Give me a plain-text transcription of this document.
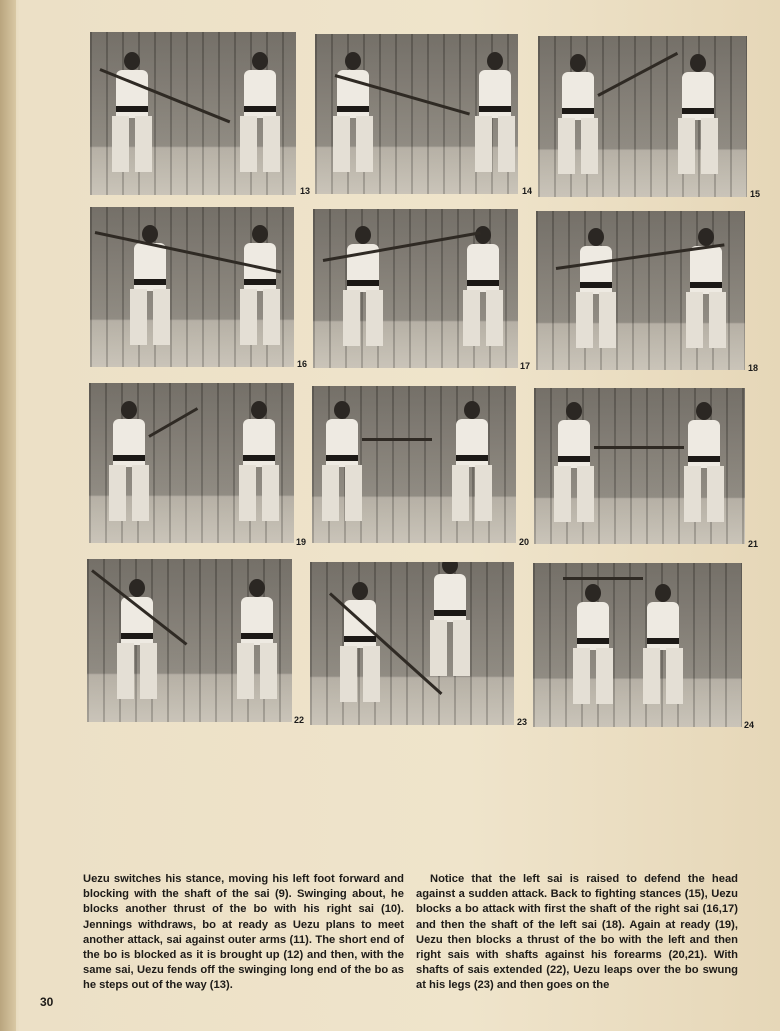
13	14	15
16	17	18
19	20	21
22	23	24

Uezu switches his stance, moving his left foot forward and blocking with the shaft of the sai (9). Swinging about, he blocks another thrust of the bo with his right sai (10). Jennings withdraws, bo at ready as Uezu plans to meet another attack, sai against outer arms (11). The short end of the bo is blocked as it is brought up (12) and then, with the same sai, Uezu fends off the swinging long end of the bo as he steps out of the way (13).

Notice that the left sai is raised to defend the head against a sudden attack. Back to fighting stances (15), Uezu blocks a bo attack with first the shaft of the right sai (16,17) and then the shaft of the left sai (18). Again at ready (19), Uezu then blocks a thrust of the bo with the left and then right sais with shafts against his forearms (20,21). With shafts of sais extended (22), Uezu leaps over the bo swung at his legs (23) and then goes on the

30
